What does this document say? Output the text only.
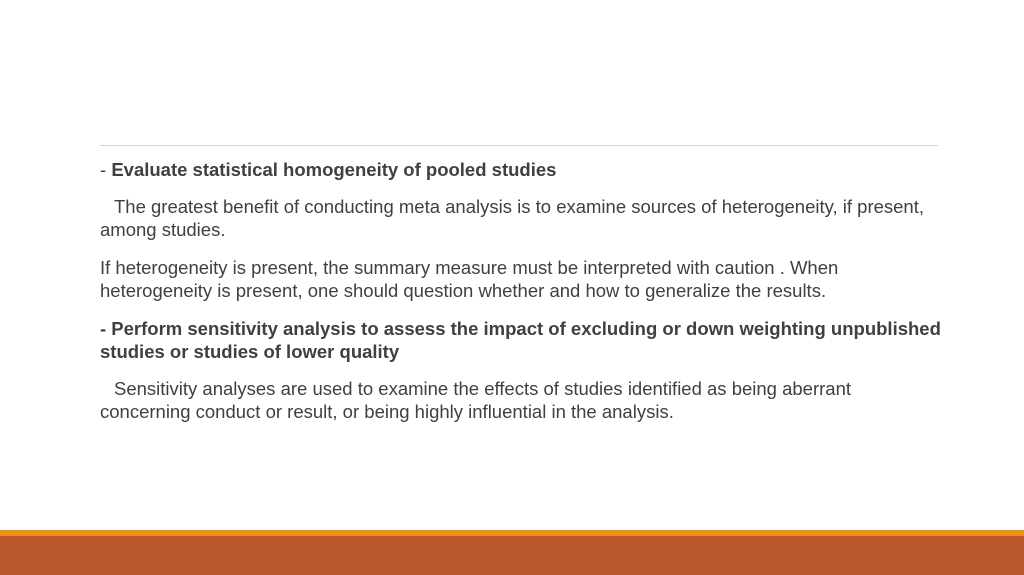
- Evaluate statistical homogeneity of pooled studies

The greatest benefit of conducting meta analysis is to examine sources of heterogeneity, if present, among studies.

If heterogeneity is present, the summary measure must be interpreted with caution . When heterogeneity is present, one should question whether and how to generalize the results.

- Perform sensitivity analysis to assess the impact of excluding or down weighting unpublished studies or studies of lower quality

Sensitivity analyses are used to examine the effects of studies identified as being aberrant concerning conduct or result, or being highly influential in the analysis.
